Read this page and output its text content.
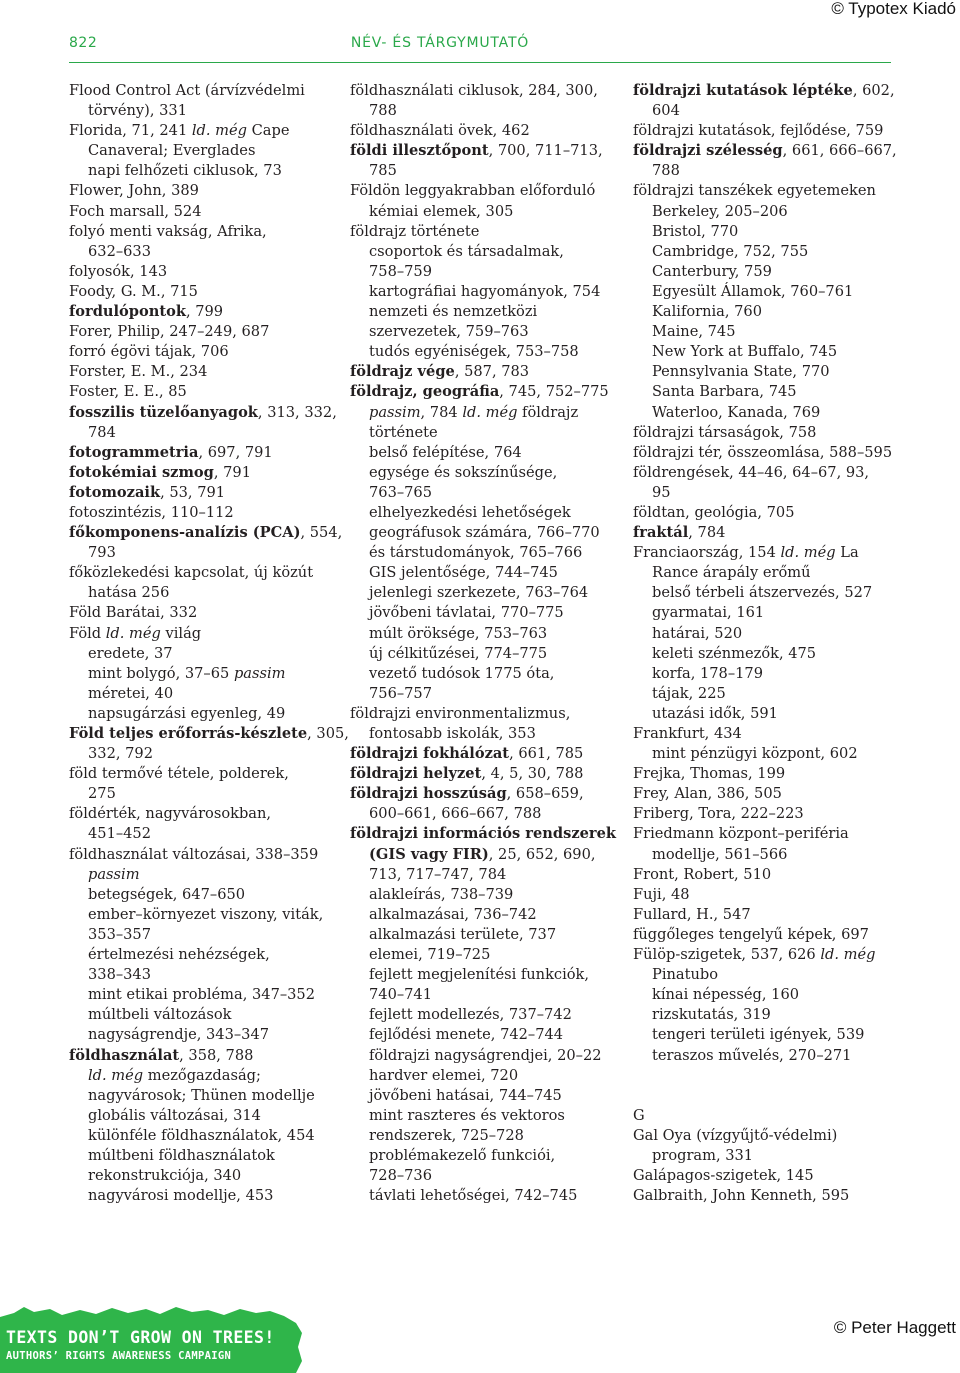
© Typotex Kiadó
822	NÉV- ÉS TÁRGYMUTATÓ
Flood Control Act (árvízvédelmi
törvény), 331
Florida, 71, 241 ld. még Cape
Canaveral; Everglades
napi felhőzeti ciklusok, 73
Flower, John, 389
Foch marsall, 524
folyó menti vakság, Afrika,
632–633
folyosók, 143
Foody, G. M., 715
fordulópontok, 799
Forer, Philip, 247–249, 687
forró égövi tájak, 706
Forster, E. M., 234
Foster, E. E., 85
fosszilis tüzelőanyagok, 313, 332,
784
fotogrammetria, 697, 791
fotokémiai szmog, 791
fotomozaik, 53, 791
fotoszintézis, 110–112
főkomponens-analízis (PCA), 554,
793
főközlekedési kapcsolat, új közút
hatása 256
Föld Barátai, 332
Föld ld. még világ
eredete, 37
mint bolygó, 37–65 passim
méretei, 40
napsugárzási egyenleg, 49
Föld teljes erőforrás-készlete, 305,
332, 792
föld termővé tétele, polderek,
275
földérték, nagyvárosokban,
451–452
földhasználat változásai, 338–359
passim
betegségek, 647–650
ember–környezet viszony, viták,
353–357
értelmezési nehézségek,
338–343
mint etikai probléma, 347–352
múltbeli változások
nagyságrendje, 343–347
földhasználat, 358, 788
ld. még mezőgazdaság;
nagyvárosok; Thünen modellje
globális változásai, 314
különféle földhasználatok, 454
múltbeni földhasználatok
rekonstrukciója, 340
nagyvárosi modellje, 453
földhasználati ciklusok, 284, 300,
788
földhasználati övek, 462
földi illesztőpont, 700, 711–713,
785
Földön leggyakrabban előforduló
kémiai elemek, 305
földrajz története
csoportok és társadalmak,
758–759
kartográfiai hagyományok, 754
nemzeti és nemzetközi
szervezetek, 759–763
tudós egyéniségek, 753–758
földrajz vége, 587, 783
földrajz, geográfia, 745, 752–775
passim, 784 ld. még földrajz
története
belső felépítése, 764
egysége és sokszínűsége,
763–765
elhelyezkedési lehetőségek
geográfusok számára, 766–770
és társtudományok, 765–766
GIS jelentősége, 744–745
jelenlegi szerkezete, 763–764
jövőbeni távlatai, 770–775
múlt öröksége, 753–763
új célkitűzései, 774–775
vezető tudósok 1775 óta,
756–757
földrajzi environmentalizmus,
fontosabb iskolák, 353
földrajzi fokhálózat, 661, 785
földrajzi helyzet, 4, 5, 30, 788
földrajzi hosszúság, 658–659,
600–661, 666–667, 788
földrajzi információs rendszerek
(GIS vagy FIR), 25, 652, 690,
713, 717–747, 784
alakleírás, 738–739
alkalmazásai, 736–742
alkalmazási területe, 737
elemei, 719–725
fejlett megjelenítési funkciók,
740–741
fejlett modellezés, 737–742
fejlődési menete, 742–744
földrajzi nagyságrendjei, 20–22
hardver elemei, 720
jövőbeni hatásai, 744–745
mint raszteres és vektoros
rendszerek, 725–728
problémakezelő funkciói,
728–736
távlati lehetőségei, 742–745
földrajzi kutatások léptéke, 602,
604
földrajzi kutatások, fejlődése, 759
földrajzi szélesség, 661, 666–667,
788
földrajzi tanszékek egyetemeken
Berkeley, 205–206
Bristol, 770
Cambridge, 752, 755
Canterbury, 759
Egyesült Államok, 760–761
Kalifornia, 760
Maine, 745
New York at Buffalo, 745
Pennsylvania State, 770
Santa Barbara, 745
Waterloo, Kanada, 769
földrajzi társaságok, 758
földrajzi tér, összeomlása, 588–595
földrengések, 44–46, 64–67, 93,
95
földtan, geológia, 705
fraktál, 784
Franciaország, 154 ld. még La
Rance árapály erőmű
belső térbeli átszervezés, 527
gyarmatai, 161
határai, 520
keleti szénmezők, 475
korfa, 178–179
tájak, 225
utazási idők, 591
Frankfurt, 434
mint pénzügyi központ, 602
Frejka, Thomas, 199
Frey, Alan, 386, 505
Friberg, Tora, 222–223
Friedmann központ–periféria
modellje, 561–566
Front, Robert, 510
Fuji, 48
Fullard, H., 547
függőleges tengelyű képek, 697
Fülöp-szigetek, 537, 626 ld. még
Pinatubo
kínai népesség, 160
rizskutatás, 319
tengeri területi igények, 539
teraszos művelés, 270–271
G
Gal Oya (vízgyűjtő-védelmi)
program, 331
Galápagos-szigetek, 145
Galbraith, John Kenneth, 595
TEXTS DON’T GROW ON TREES!
AUTHORS’ RIGHTS AWARENESS CAMPAIGN
© Peter Haggett
